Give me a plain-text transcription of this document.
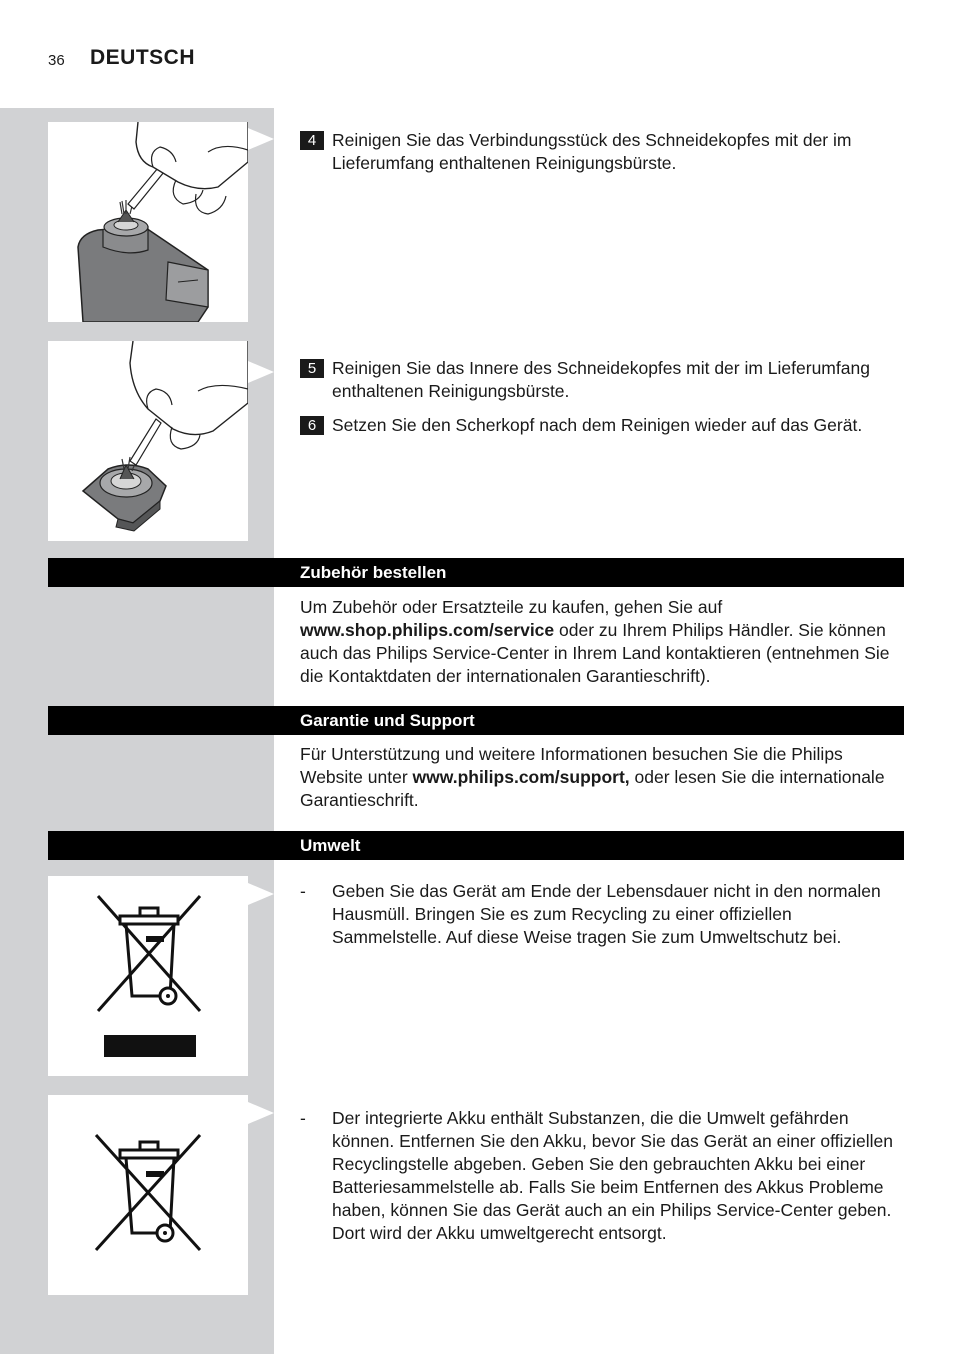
36 DEUTSCH
4 Reinigen Sie das Verbindungsstück des Schneidekopfes mit der im Lieferumfang enthaltenen Reinigungsbürste.
5 Reinigen Sie das Innere des Schneidekopfes mit der im Lieferumfang enthaltenen Reinigungsbürste.
6 Setzen Sie den Scherkopf nach dem Reinigen wieder auf das Gerät.
Zubehör bestellen
Um Zubehör oder Ersatzteile zu kaufen, gehen Sie auf www.shop.philips.com/service oder zu Ihrem Philips Händler. Sie können auch das Philips Service-Center in Ihrem Land kontaktieren (entnehmen Sie die Kontaktdaten der internationalen Garantieschrift).
Garantie und Support
Für Unterstützung und weitere Informationen besuchen Sie die Philips Website unter www.philips.com/support, oder lesen Sie die internationale Garantieschrift.
Umwelt
-	Geben Sie das Gerät am Ende der Lebensdauer nicht in den normalen Hausmüll. Bringen Sie es zum Recycling zu einer offiziellen Sammelstelle. Auf diese Weise tragen Sie zum Umweltschutz bei.
-	Der integrierte Akku enthält Substanzen, die die Umwelt gefährden können. Entfernen Sie den Akku, bevor Sie das Gerät an einer offiziellen Recyclingstelle abgeben. Geben Sie den gebrauchten Akku bei einer Batteriesammelstelle ab. Falls Sie beim Entfernen des Akkus Probleme haben, können Sie das Gerät auch an ein Philips Service-Center geben. Dort wird der Akku umweltgerecht entsorgt.
